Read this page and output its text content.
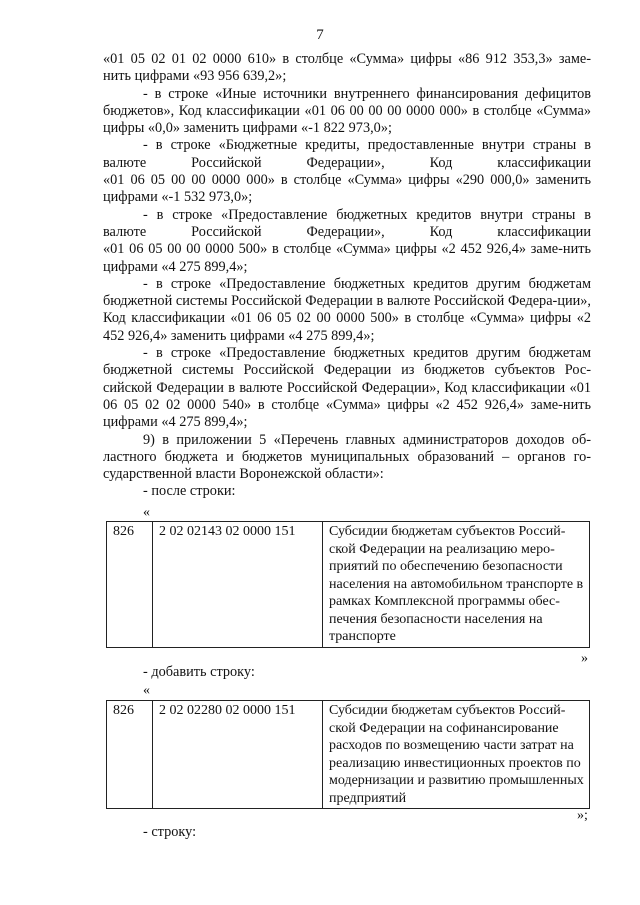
7

«01 05 02 01 02 0000 610» в столбце «Сумма» цифры «86 912 353,3» заме-

нить цифрами «93 956 639,2»;

- в строке «Иные источники внутреннего финансирования дефицитов бюджетов», Код классификации «01 06 00 00 00 0000 000» в столбце «Сумма» цифры «0,0» заменить цифрами «-1 822 973,0»;

- в строке «Бюджетные кредиты, предоставленные внутри страны в

валюте	Российской	Федерации»,	Код	классификации

«01 06 05 00 00 0000 000» в столбце «Сумма» цифры «290 000,0» заменить цифрами «-1 532 973,0»;

- в строке «Предоставление бюджетных кредитов внутри страны в

валюте	Российской	Федерации»,	Код	классификации

«01 06 05 00 00 0000 500» в столбце «Сумма» цифры «2 452 926,4» заме-нить цифрами «4 275 899,4»;

- в строке «Предоставление бюджетных кредитов другим бюджетам бюджетной системы Российской Федерации в валюте Российской Федера-ции», Код классификации «01 06 05 02 00 0000 500» в столбце «Сумма» цифры «2 452 926,4» заменить цифрами «4 275 899,4»;

- в строке «Предоставление бюджетных кредитов другим бюджетам бюджетной системы Российской Федерации из бюджетов субъектов Рос-сийской Федерации в валюте Российской Федерации», Код классификации «01 06 05 02 02 0000 540» в столбце «Сумма» цифры «2 452 926,4» заме-нить цифрами «4 275 899,4»;

9) в приложении 5 «Перечень главных администраторов доходов об-ластного бюджета и бюджетов муниципальных образований – органов го-сударственной власти Воронежской области»:

- после строки:

«
826	2 02 02143 02 0000 151	Субсидии бюджетам субъектов Россий-ской Федерации на реализацию меро-приятий по обеспечению безопасности населения на автомобильном транспорте в рамках Комплексной программы обес-печения безопасности населения на транспорте
»
- добавить строку:
«
826	2 02 02280 02 0000 151	Субсидии бюджетам субъектов Россий-ской Федерации на софинансирование расходов по возмещению части затрат на реализацию инвестиционных проектов по модернизации и развитию промышленных предприятий
»;
- строку:
